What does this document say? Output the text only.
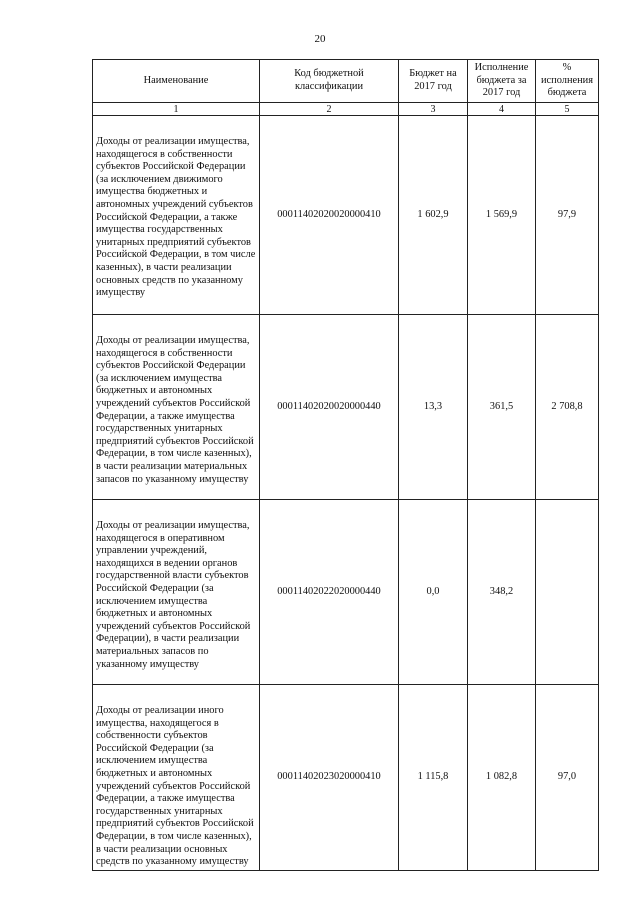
20
Наименование	Код бюджетной классификации	Бюджет на 2017 год	Исполнение бюджета за 2017 год	% исполнения бюджета
1	2	3	4	5
Доходы от реализации имущества, находящегося в собственности субъектов Российской Федерации (за исключением движимого имущества бюджетных и автономных учреждений субъектов Российской Федерации, а также имущества государственных унитарных предприятий субъектов Российской Федерации, в том числе казенных), в части реализации основных средств по указанному имуществу	00011402020020000410	1 602,9	1 569,9	97,9
Доходы от реализации имущества, находящегося в собственности субъектов Российской Федерации (за исключением имущества бюджетных и автономных учреждений субъектов Российской Федерации, а также имущества государственных унитарных предприятий субъектов Российской Федерации, в том числе казенных), в части реализации материальных запасов по указанному имуществу	00011402020020000440	13,3	361,5	2 708,8
Доходы от реализации имущества, находящегося в оперативном управлении учреждений, находящихся в ведении органов государственной власти субъектов Российской Федерации (за исключением имущества бюджетных и автономных учреждений субъектов Российской Федерации), в части реализации материальных запасов по указанному имуществу	00011402022020000440	0,0	348,2	
Доходы от реализации иного имущества, находящегося в собственности субъектов Российской Федерации (за исключением имущества бюджетных и автономных учреждений субъектов Российской Федерации, а также имущества государственных унитарных предприятий субъектов Российской Федерации, в том числе казенных), в части реализации основных средств по указанному имуществу	00011402023020000410	1 115,8	1 082,8	97,0
